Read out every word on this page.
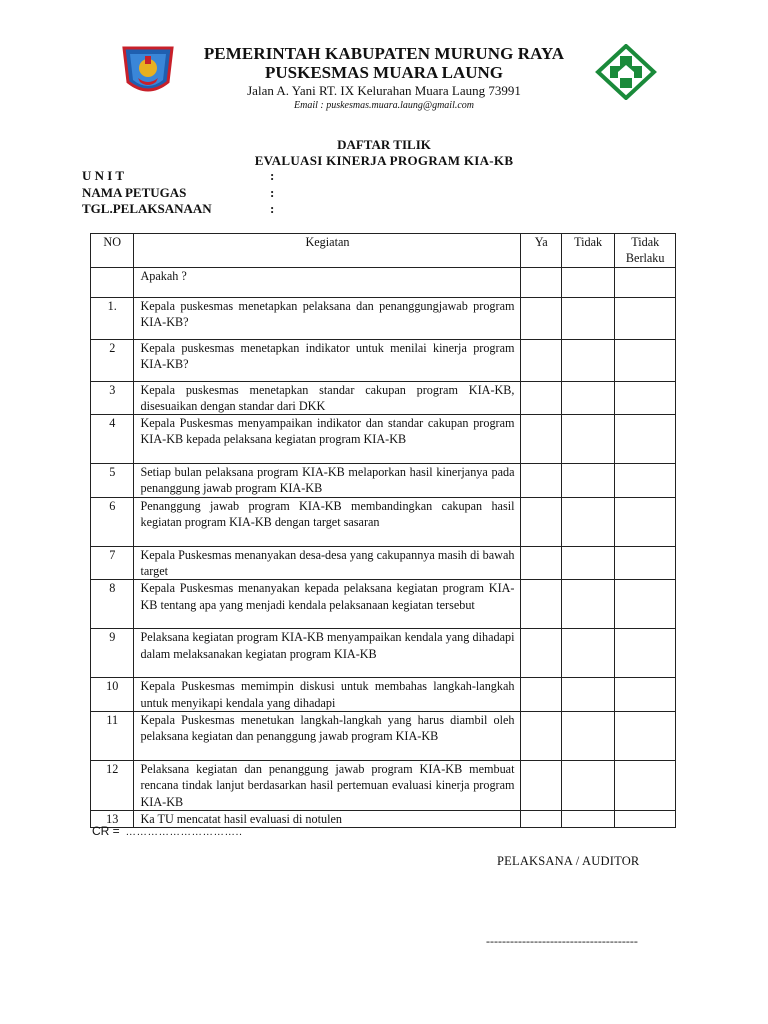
PEMERINTAH KABUPATEN MURUNG RAYA
PUSKESMAS MUARA LAUNG
Jalan A. Yani RT. IX Kelurahan Muara Laung 73991
Email : puskesmas.muara.laung@gmail.com
DAFTAR TILIK
EVALUASI KINERJA PROGRAM KIA-KB
U N I T	:
NAMA PETUGAS	:
TGL.PELAKSANAAN	:
NO	Kegiatan	Ya	Tidak	Tidak Berlaku
	Apakah ?			
1.	Kepala puskesmas menetapkan pelaksana dan penanggungjawab program KIA-KB?			
2	Kepala puskesmas menetapkan indikator untuk menilai kinerja program KIA-KB?			
3	Kepala puskesmas menetapkan standar cakupan program KIA-KB, disesuaikan dengan standar dari DKK			
4	Kepala Puskesmas menyampaikan indikator dan standar cakupan program KIA-KB kepada pelaksana kegiatan program KIA-KB			
5	Setiap bulan pelaksana program KIA-KB melaporkan hasil kinerjanya pada penanggung jawab program KIA-KB			
6	Penanggung jawab program KIA-KB membandingkan cakupan hasil kegiatan program KIA-KB dengan target sasaran			
7	Kepala Puskesmas menanyakan desa-desa yang cakupannya masih di bawah target			
8	Kepala Puskesmas menanyakan kepada pelaksana kegiatan program KIA-KB tentang apa yang menjadi kendala pelaksanaan kegiatan tersebut			
9	Pelaksana kegiatan program KIA-KB menyampaikan kendala yang dihadapi dalam melaksanakan kegiatan program KIA-KB			
10	Kepala Puskesmas memimpin diskusi untuk membahas langkah-langkah untuk menyikapi kendala yang dihadapi			
11	Kepala Puskesmas menetukan langkah-langkah yang harus diambil oleh pelaksana kegiatan dan penanggung jawab program KIA-KB			
12	Pelaksana kegiatan dan penanggung jawab program KIA-KB membuat rencana tindak lanjut berdasarkan hasil pertemuan evaluasi kinerja program KIA-KB			
13	Ka TU mencatat hasil evaluasi di notulen			
CR = …………………………..
PELAKSANA / AUDITOR
--------------------------------------
